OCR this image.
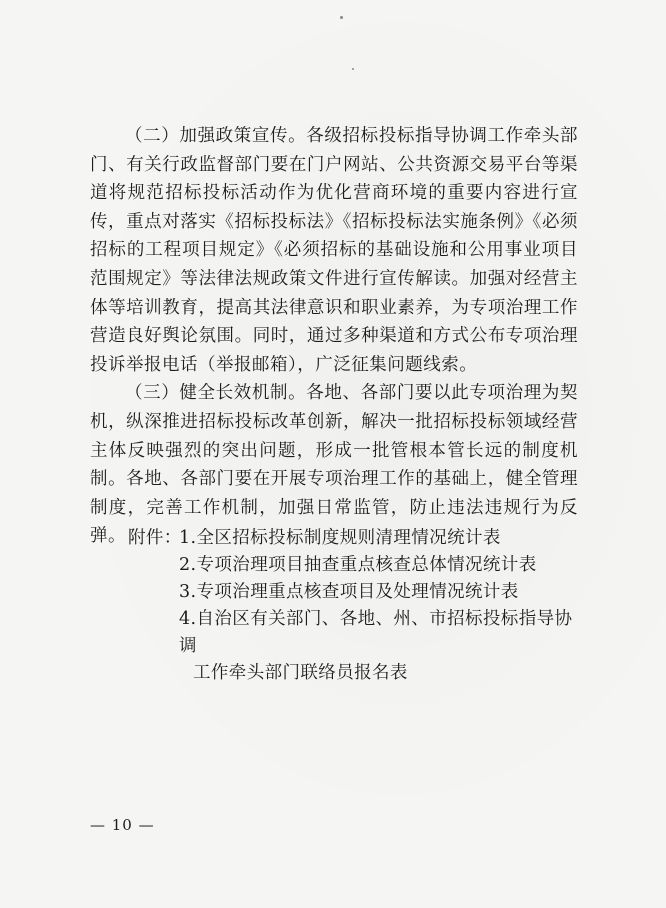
（二）加强政策宣传。各级招标投标指导协调工作牵头部门、有关行政监督部门要在门户网站、公共资源交易平台等渠道将规范招标投标活动作为优化营商环境的重要内容进行宣传，重点对落实《招标投标法》《招标投标法实施条例》《必须招标的工程项目规定》《必须招标的基础设施和公用事业项目范围规定》等法律法规政策文件进行宣传解读。加强对经营主体等培训教育，提高其法律意识和职业素养，为专项治理工作营造良好舆论氛围。同时，通过多种渠道和方式公布专项治理投诉举报电话（举报邮箱），广泛征集问题线索。

（三）健全长效机制。各地、各部门要以此专项治理为契机，纵深推进招标投标改革创新，解决一批招标投标领域经营主体反映强烈的突出问题，形成一批管根本管长远的制度机制。各地、各部门要在开展专项治理工作的基础上，健全管理制度，完善工作机制，加强日常监管，防止违法违规行为反弹。 附件：
1.全区招标投标制度规则清理情况统计表
2.专项治理项目抽查重点核查总体情况统计表
3.专项治理重点核查项目及处理情况统计表
4.自治区有关部门、各地、州、市招标投标指导协调
工作牵头部门联络员报名表
— 10 —
